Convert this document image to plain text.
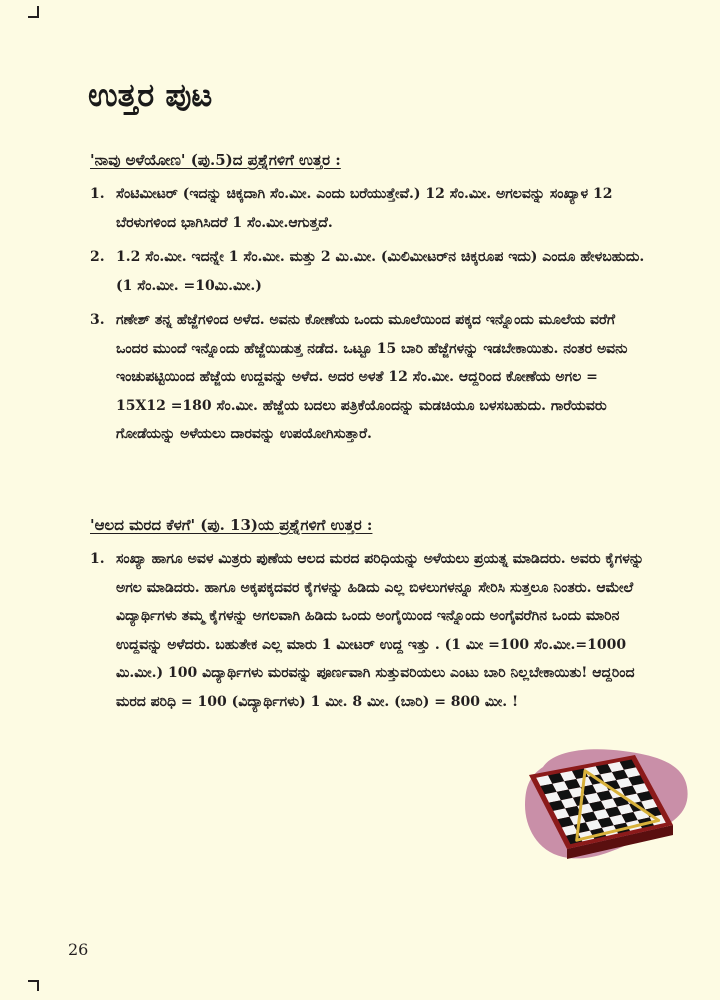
ಉತ್ತರ ಪುಟ
'ನಾವು ಅಳೆಯೋಣ' (ಪು.5)ದ ಪ್ರಶ್ನೆಗಳಿಗೆ ಉತ್ತರ :
1. ಸೆಂಟಿಮೀಟರ್ (ಇದನ್ನು ಚಿಕ್ಕದಾಗಿ ಸೆಂ.ಮೀ. ಎಂದು ಬರೆಯುತ್ತೇವೆ.) 12 ಸೆಂ.ಮೀ. ಅಗಲವನ್ನು ಸಂಖ್ಯಾಳ 12 ಬೆರಳುಗಳಿಂದ ಭಾಗಿಸಿದರೆ 1 ಸೆಂ.ಮೀ.ಆಗುತ್ತದೆ.
2. 1.2 ಸೆಂ.ಮೀ. ಇದನ್ನೇ 1 ಸೆಂ.ಮೀ. ಮತ್ತು 2 ಮಿ.ಮೀ. (ಮಿಲಿಮೀಟರ್‌ನ ಚಿಕ್ಕರೂಪ ಇದು) ಎಂದೂ ಹೇಳಬಹುದು. (1 ಸೆಂ.ಮೀ. =10ಮಿ.ಮೀ.)
3. ಗಣೇಶ್ ತನ್ನ ಹೆಜ್ಜೆಗಳಿಂದ ಅಳೆದ. ಅವನು ಕೋಣೆಯ ಒಂದು ಮೂಲೆಯಿಂದ ಪಕ್ಕದ ಇನ್ನೊಂದು ಮೂಲೆಯ ವರೆಗೆ ಒಂದರ ಮುಂದೆ ಇನ್ನೊಂದು ಹೆಜ್ಜೆಯಿಡುತ್ತ ನಡೆದ. ಒಟ್ಟೂ 15 ಬಾರಿ ಹೆಜ್ಜೆಗಳನ್ನು ಇಡಬೇಕಾಯಿತು. ನಂತರ ಅವನು ಇಂಚುಪಟ್ಟಿಯಿಂದ ಹೆಜ್ಜೆಯ ಉದ್ದವನ್ನು ಅಳೆದ. ಅದರ ಅಳತೆ 12 ಸೆಂ.ಮೀ. ಆದ್ದರಿಂದ ಕೋಣೆಯ ಅಗಲ = 15X12 =180 ಸೆಂ.ಮೀ. ಹೆಜ್ಜೆಯ ಬದಲು ಪತ್ರಿಕೆಯೊಂದನ್ನು ಮಡಚಿಯೂ ಬಳಸಬಹುದು. ಗಾರೆಯವರು ಗೋಡೆಯನ್ನು ಅಳೆಯಲು ದಾರವನ್ನು ಉಪಯೋಗಿಸುತ್ತಾರೆ.
'ಆಲದ ಮರದ ಕೆಳಗೆ' (ಪು. 13)ಯ ಪ್ರಶ್ನೆಗಳಿಗೆ ಉತ್ತರ :
1. ಸಂಖ್ಯಾ ಹಾಗೂ ಅವಳ ಮಿತ್ರರು ಪುಣೆಯ ಆಲದ ಮರದ ಪರಿಧಿಯನ್ನು ಅಳೆಯಲು ಪ್ರಯತ್ನ ಮಾಡಿದರು. ಅವರು ಕೈಗಳನ್ನು ಅಗಲ ಮಾಡಿದರು. ಹಾಗೂ ಅಕ್ಕಪಕ್ಕದವರ ಕೈಗಳನ್ನು ಹಿಡಿದು ಎಲ್ಲ ಬಿಳಲುಗಳನ್ನೂ ಸೇರಿಸಿ ಸುತ್ತಲೂ ನಿಂತರು. ಆಮೇಲೆ ವಿದ್ಯಾರ್ಥಿಗಳು ತಮ್ಮ ಕೈಗಳನ್ನು ಅಗಲವಾಗಿ ಹಿಡಿದು ಒಂದು ಅಂಗೈಯಿಂದ ಇನ್ನೊಂದು ಅಂಗೈವರೆಗಿನ ಒಂದು ಮಾರಿನ ಉದ್ದವನ್ನು ಅಳೆದರು. ಬಹುತೇಕ ಎಲ್ಲ ಮಾರು 1 ಮೀಟರ್ ಉದ್ದ ಇತ್ತು . (1 ಮೀ =100 ಸೆಂ.ಮೀ.=1000 ಮಿ.ಮೀ.) 100 ವಿದ್ಯಾರ್ಥಿಗಳು ಮರವನ್ನು ಪೂರ್ಣವಾಗಿ ಸುತ್ತುವರಿಯಲು ಎಂಟು ಬಾರಿ ನಿಲ್ಲಬೇಕಾಯಿತು! ಆದ್ದರಿಂದ ಮರದ ಪರಿಧಿ = 100 (ವಿದ್ಯಾರ್ಥಿಗಳು) 1 ಮೀ. 8 ಮೀ. (ಬಾರಿ) = 800 ಮೀ. !
26
